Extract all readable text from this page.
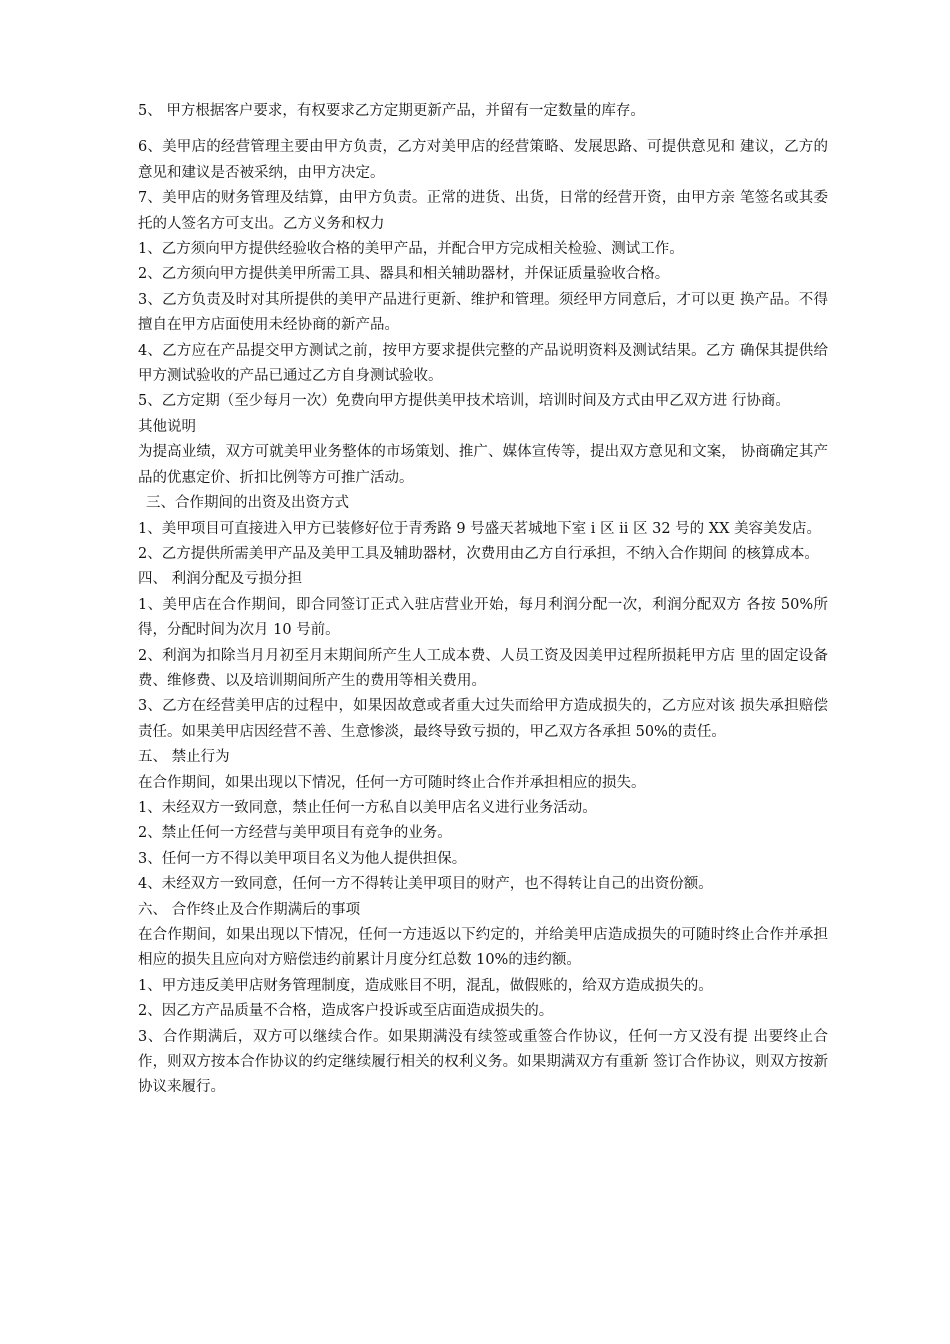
5、 甲方根据客户要求，有权要求乙方定期更新产品，并留有一定数量的库存。

6、美甲店的经营管理主要由甲方负责，乙方对美甲店的经营策略、发展思路、可提供意见和 建议，乙方的意见和建议是否被采纳，由甲方决定。

7、美甲店的财务管理及结算，由甲方负责。正常的进货、出货，日常的经营开资，由甲方亲 笔签名或其委托的人签名方可支出。乙方义务和权力

1、乙方须向甲方提供经验收合格的美甲产品，并配合甲方完成相关检验、测试工作。

2、乙方须向甲方提供美甲所需工具、器具和相关辅助器材，并保证质量验收合格。

3、乙方负责及时对其所提供的美甲产品进行更新、维护和管理。须经甲方同意后，才可以更 换产品。不得擅自在甲方店面使用未经协商的新产品。

4、乙方应在产品提交甲方测试之前，按甲方要求提供完整的产品说明资料及测试结果。乙方 确保其提供给甲方测试验收的产品已通过乙方自身测试验收。

5、乙方定期（至少每月一次）免费向甲方提供美甲技术培训，培训时间及方式由甲乙双方进 行协商。

其他说明

为提高业绩，双方可就美甲业务整体的市场策划、推广、媒体宣传等，提出双方意见和文案， 协商确定其产品的优惠定价、折扣比例等方可推广活动。

三、合作期间的出资及出资方式

1、美甲项目可直接进入甲方已装修好位于青秀路 9 号盛天茗城地下室 i 区 ii 区 32 号的 XX 美容美发店。

2、乙方提供所需美甲产品及美甲工具及辅助器材，次费用由乙方自行承担，不纳入合作期间 的核算成本。

四、 利润分配及亏损分担

1、美甲店在合作期间，即合同签订正式入驻店营业开始，每月利润分配一次，利润分配双方 各按 50%所得，分配时间为次月 10 号前。

2、利润为扣除当月月初至月末期间所产生人工成本费、人员工资及因美甲过程所损耗甲方店 里的固定设备费、维修费、以及培训期间所产生的费用等相关费用。

3、乙方在经营美甲店的过程中，如果因故意或者重大过失而给甲方造成损失的，乙方应对该 损失承担赔偿责任。如果美甲店因经营不善、生意惨淡，最终导致亏损的，甲乙双方各承担 50%的责任。

五、 禁止行为

在合作期间，如果出现以下情况，任何一方可随时终止合作并承担相应的损失。

1、未经双方一致同意，禁止任何一方私自以美甲店名义进行业务活动。

2、禁止任何一方经营与美甲项目有竞争的业务。

3、任何一方不得以美甲项目名义为他人提供担保。

4、未经双方一致同意，任何一方不得转让美甲项目的财产，也不得转让自己的出资份额。

六、 合作终止及合作期满后的事项

在合作期间，如果出现以下情况，任何一方违返以下约定的，并给美甲店造成损失的可随时终止合作并承担相应的损失且应向对方赔偿违约前累计月度分红总数 10%的违约额。

1、甲方违反美甲店财务管理制度，造成账目不明，混乱，做假账的，给双方造成损失的。

2、因乙方产品质量不合格，造成客户投诉或至店面造成损失的。

3、合作期满后，双方可以继续合作。如果期满没有续签或重签合作协议，任何一方又没有提 出要终止合作，则双方按本合作协议的约定继续履行相关的权利义务。如果期满双方有重新 签订合作协议，则双方按新协议来履行。
